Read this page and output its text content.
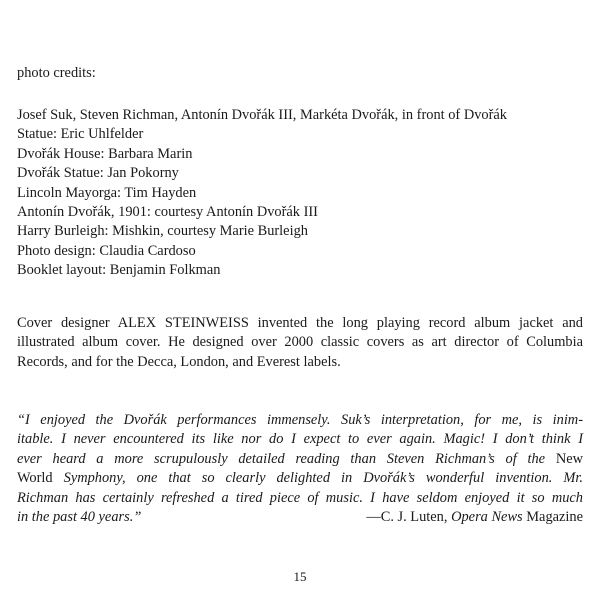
photo credits:
Josef Suk, Steven Richman, Antonín Dvořák III, Markéta Dvořák, in front of Dvořák
Statue: Eric Uhlfelder
Dvořák House: Barbara Marin
Dvořák Statue: Jan Pokorny
Lincoln Mayorga: Tim Hayden
Antonín Dvořák, 1901: courtesy Antonín Dvořák III
Harry Burleigh: Mishkin, courtesy Marie Burleigh
Photo design: Claudia Cardoso
Booklet layout: Benjamin Folkman
Cover designer ALEX STEINWEISS invented the long playing record album jacket and illustrated album cover. He designed over 2000 classic covers as art director of Columbia Records, and for the Decca, London, and Everest labels.
“I enjoyed the Dvořák performances immensely. Suk’s interpretation, for me, is inim-
itable. I never encountered its like nor do I expect to ever again. Magic! I don’t think I
ever heard a more scrupulously detailed reading than Steven Richman’s of the New
World Symphony, one that so clearly delighted in Dvořák’s wonderful invention. Mr.
Richman has certainly refreshed a tired piece of music. I have seldom enjoyed it so much
in the past 40 years.”	—C. J. Luten, Opera News Magazine
15
